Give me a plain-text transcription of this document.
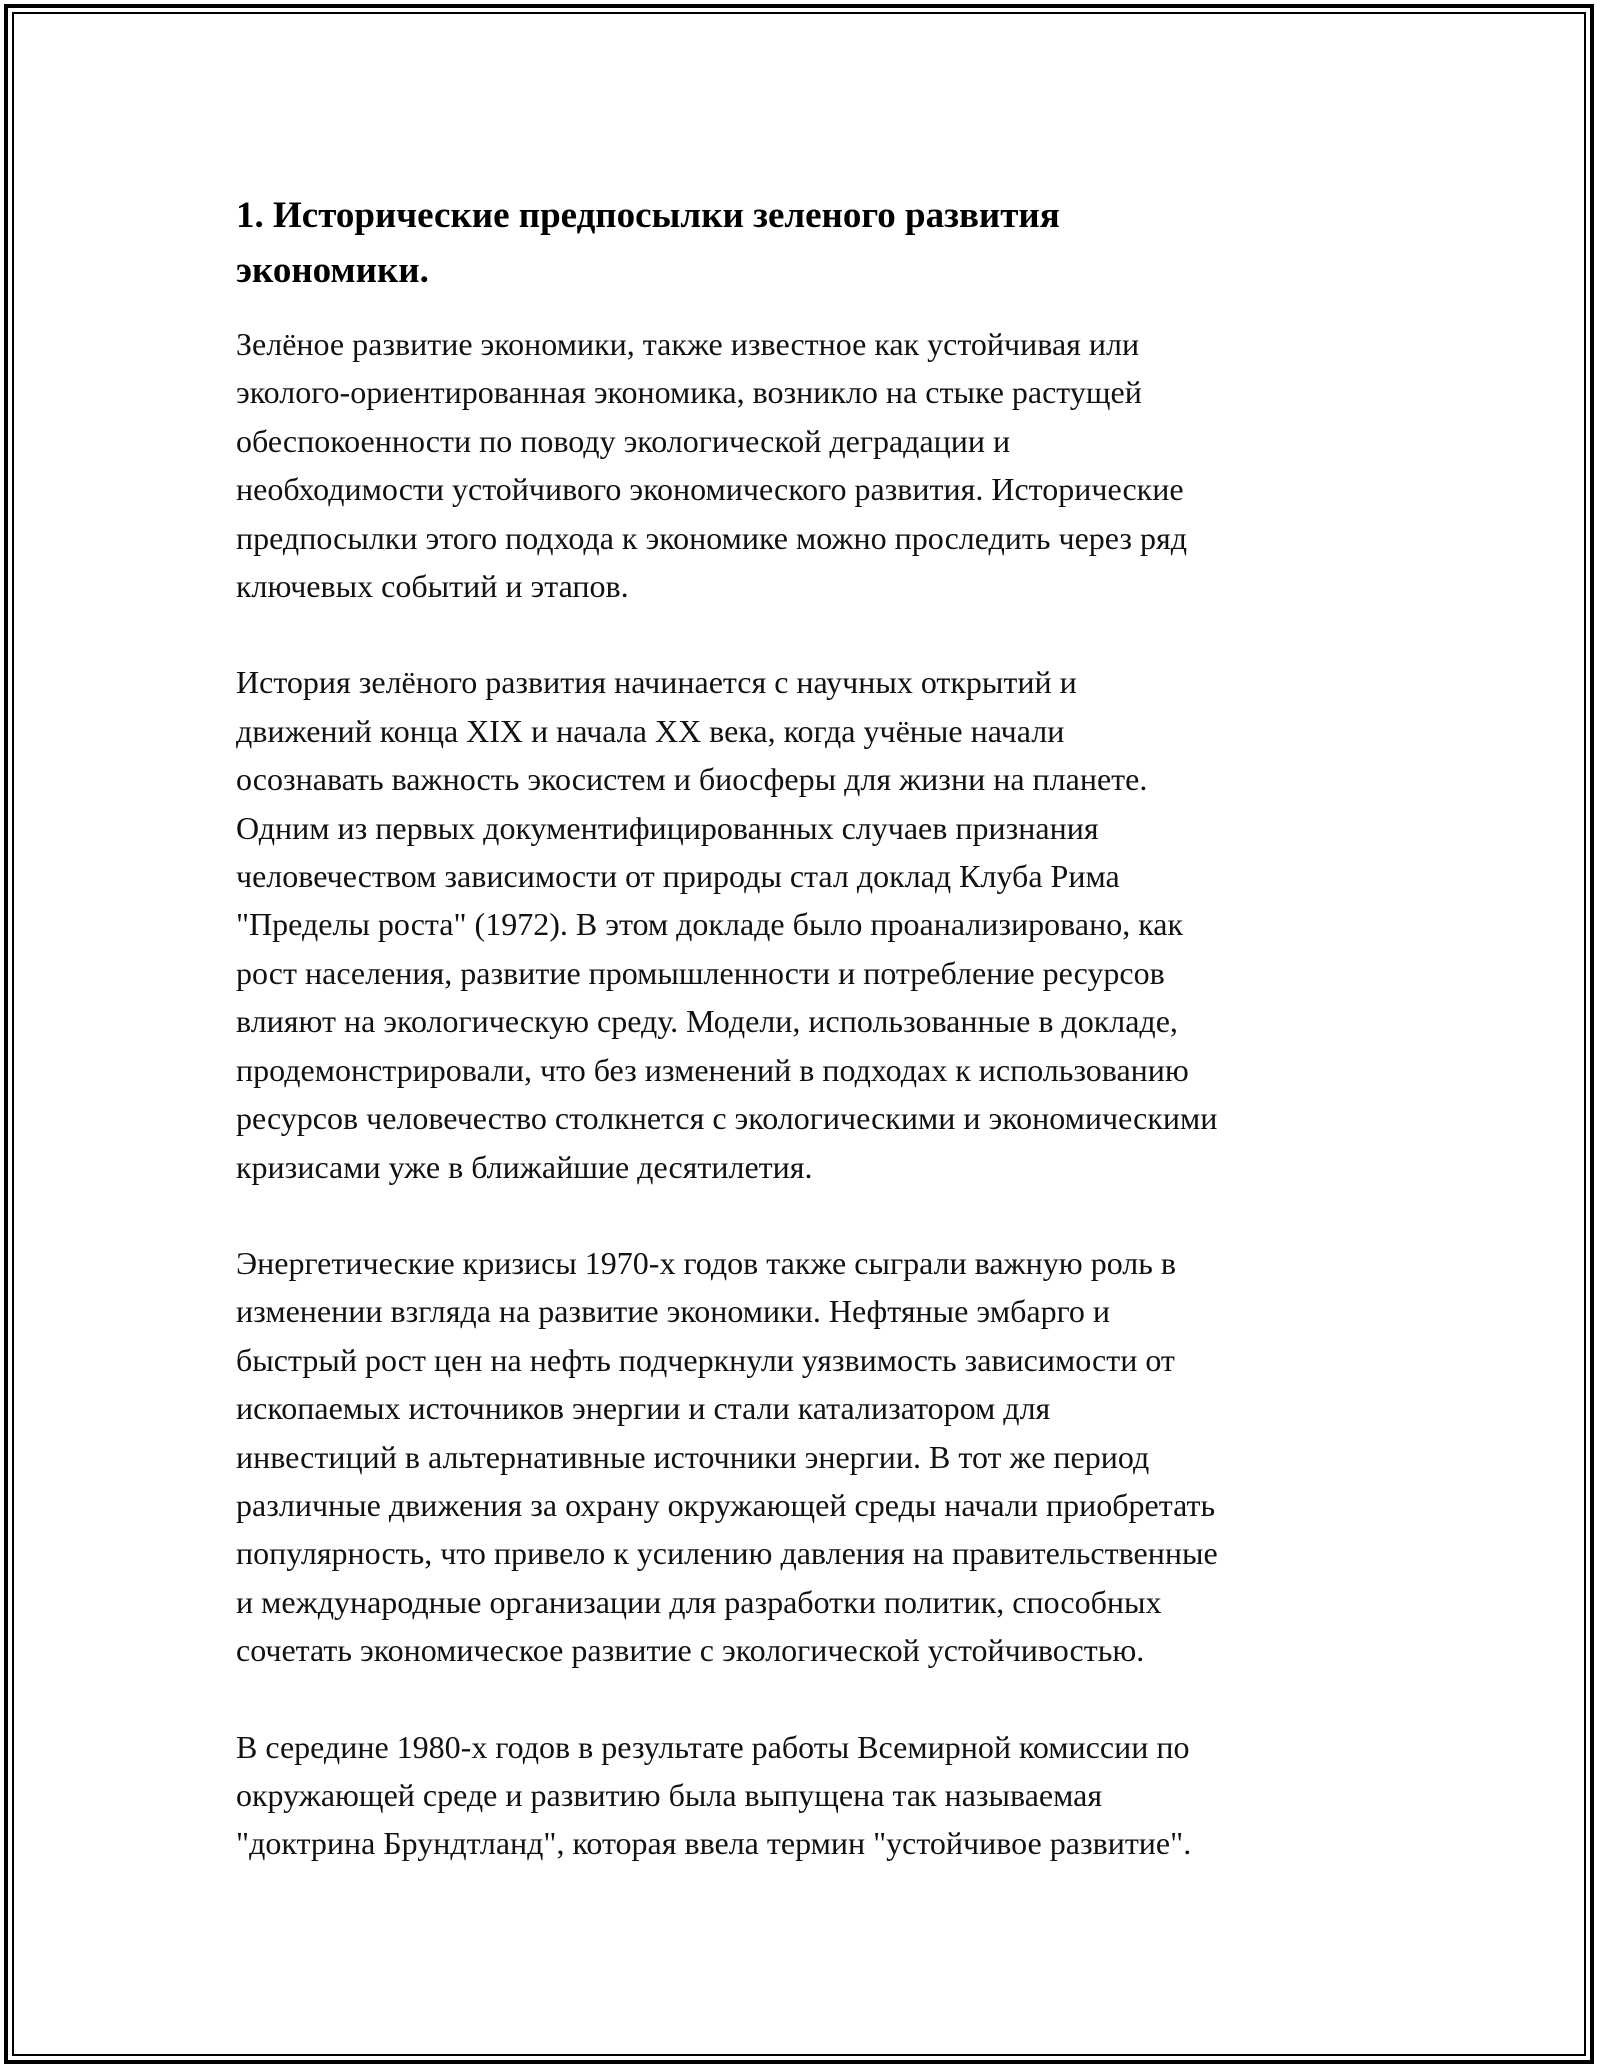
1. Исторические предпосылки зеленого развития
экономики.

Зелёное развитие экономики, также известное как устойчивая или
эколого-ориентированная экономика, возникло на стыке растущей
обеспокоенности по поводу экологической деградации и
необходимости устойчивого экономического развития. Исторические
предпосылки этого подхода к экономике можно проследить через ряд
ключевых событий и этапов.

История зелёного развития начинается с научных открытий и
движений конца XIX и начала XX века, когда учёные начали
осознавать важность экосистем и биосферы для жизни на планете.
Одним из первых документифицированных случаев признания
человечеством зависимости от природы стал доклад Клуба Рима
"Пределы роста" (1972). В этом докладе было проанализировано, как
рост населения, развитие промышленности и потребление ресурсов
влияют на экологическую среду. Модели, использованные в докладе,
продемонстрировали, что без изменений в подходах к использованию
ресурсов человечество столкнется с экологическими и экономическими
кризисами уже в ближайшие десятилетия.

Энергетические кризисы 1970-х годов также сыграли важную роль в
изменении взгляда на развитие экономики. Нефтяные эмбарго и
быстрый рост цен на нефть подчеркнули уязвимость зависимости от
ископаемых источников энергии и стали катализатором для
инвестиций в альтернативные источники энергии. В тот же период
различные движения за охрану окружающей среды начали приобретать
популярность, что привело к усилению давления на правительственные
и международные организации для разработки политик, способных
сочетать экономическое развитие с экологической устойчивостью.

В середине 1980-х годов в результате работы Всемирной комиссии по
окружающей среде и развитию была выпущена так называемая
"доктрина Брундтланд", которая ввела термин "устойчивое развитие".
